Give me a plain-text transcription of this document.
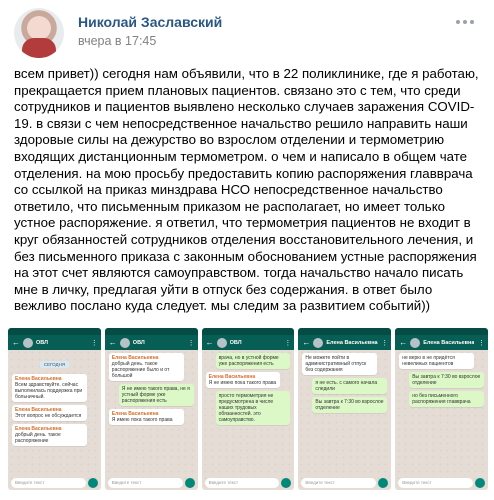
Николай Заславский
вчера в 17:45

всем привет)) сегодня нам объявили, что в 22 поликлинике, где я работаю, прекращается прием плановых пациентов. связано это с тем, что среди сотрудников и пациентов выявлено несколько случаев заражения COVID-19. в связи с чем непосредственное начальство решило направить наши здоровые силы на дежурство во взрослом отделении и термометрию входящих дистанционным термометром. о чем и написало в общем чате отделения. на мою просьбу предоставить копию распоряжения главврача со ссылкой на приказ минздрава НСО непосредственное начальство ответило, что письменным приказом не располагает, но имеет только устное распоряжение. я ответил, что термометрия пациентов не входит в круг обязанностей сотрудников отделения восстановительного лечения, и без письменного приказа с законным обоснованием устные распоряжения на этот счет являются самоуправством. тогда начальство начало писать мне в личку, предлагая уйти в отпуск без содержания. в ответ было вежливо послано куда следует. мы следим за развитием событий))

←	ОВЛ	⋮
СЕГОДНЯ
Елена Васильевна
Всем здравствуйте. сейчас выполнилась поддержка при больничный.
Елена Васильевна
Этот вопрос не обсуждается
Елена Васильевна
добрый день. такое распоряжение
Введите текст
←	ОВЛ	⋮
Елена Васильевна
добрый день. такое распоряжение было и от большой
Я не имею такого права, не я устный форме уже распоряжения есть
Елена Васильевна
Я имею пока такого права
Введите текст
←	ОВЛ	⋮
врача, но в устной форме уже распоряжения есть
Елена Васильевна
Я не имею пока такого права
просто термометрия не предусмотрена в числе наших трудовых обязанностей. это самоуправство.
Введите текст
←	Елена Васильевна ⋮
Не можете пойти в административный отпуск без содержания
я не есть. с самого начала следили
Вы завтра к 7:30 во взрослое отделение
Введите текст
←	Елена Васильевна ⋮
не верю в не придётся невелиных пациентов
Вы завтра к 7:30 во взрослое отделение
но без письменного распоряжения главврача
Введите текст
